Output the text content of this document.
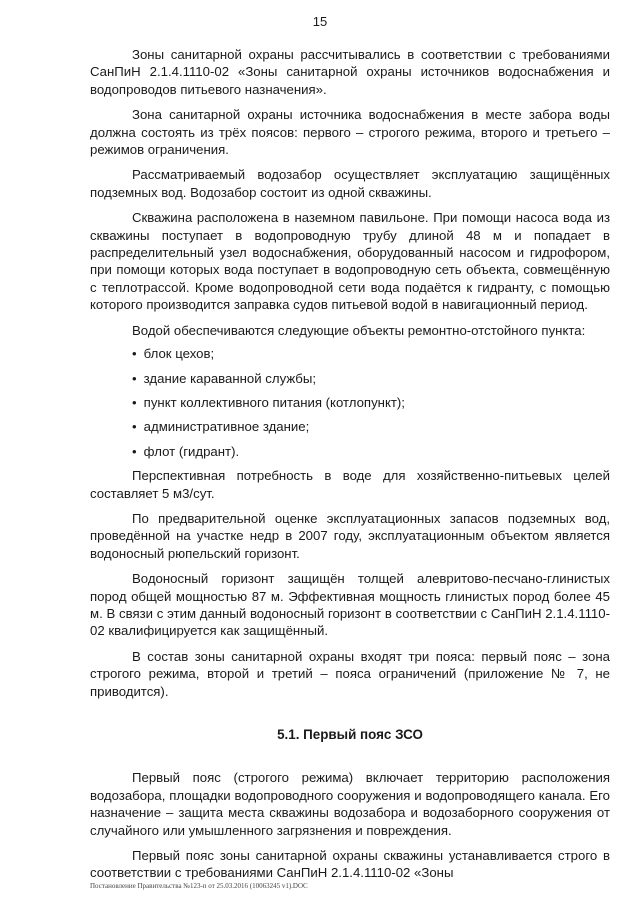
15

Зоны санитарной охраны рассчитывались в соответствии с требованиями СанПиН 2.1.4.1110-02 «Зоны санитарной охраны источников водоснабжения и водопроводов питьевого назначения».

Зона санитарной охраны источника водоснабжения в месте забора воды должна состоять из трёх поясов: первого – строгого режима, второго и третьего – режимов ограничения.

Рассматриваемый водозабор осуществляет эксплуатацию защищённых подземных вод. Водозабор состоит из одной скважины.

Скважина расположена в наземном павильоне. При помощи насоса вода из скважины поступает в водопроводную трубу длиной 48 м и попадает в распределительный узел водоснабжения, оборудованный насосом и гидрофором, при помощи которых вода поступает в водопроводную сеть объекта, совмещённую с теплотрассой. Кроме водопроводной сети вода подаётся к гидранту, с помощью которого производится заправка судов питьевой водой в навигационный период.

Водой обеспечиваются следующие объекты ремонтно-отстойного пункта:

• блок цехов;
• здание караванной службы;
• пункт коллективного питания (котлопункт);
• административное здание;
• флот (гидрант).

Перспективная потребность в воде для хозяйственно-питьевых целей составляет 5 м3/сут.

По предварительной оценке эксплуатационных запасов подземных вод, проведённой на участке недр в 2007 году, эксплуатационным объектом является водоносный рюпельский горизонт.

Водоносный горизонт защищён толщей алевритово-песчано-глинистых пород общей мощностью 87 м. Эффективная мощность глинистых пород более 45 м. В связи с этим данный водоносный горизонт в соответствии с СанПиН 2.1.4.1110-02 квалифицируется как защищённый.

В состав зоны санитарной охраны входят три пояса: первый пояс – зона строгого режима, второй и третий – пояса ограничений (приложение № 7, не приводится).

5.1. Первый пояс ЗСО

Первый пояс (строгого режима) включает территорию расположения водозабора, площадки водопроводного сооружения и водопроводящего канала. Его назначение – защита места скважины водозабора и водозаборного сооружения от случайного или умышленного загрязнения и повреждения.

Первый пояс зоны санитарной охраны скважины устанавливается строго в соответствии с требованиями СанПиН 2.1.4.1110-02 «Зоны

Постановление Правительства №123-п от 25.03.2016 (10063245 v1).DOC
